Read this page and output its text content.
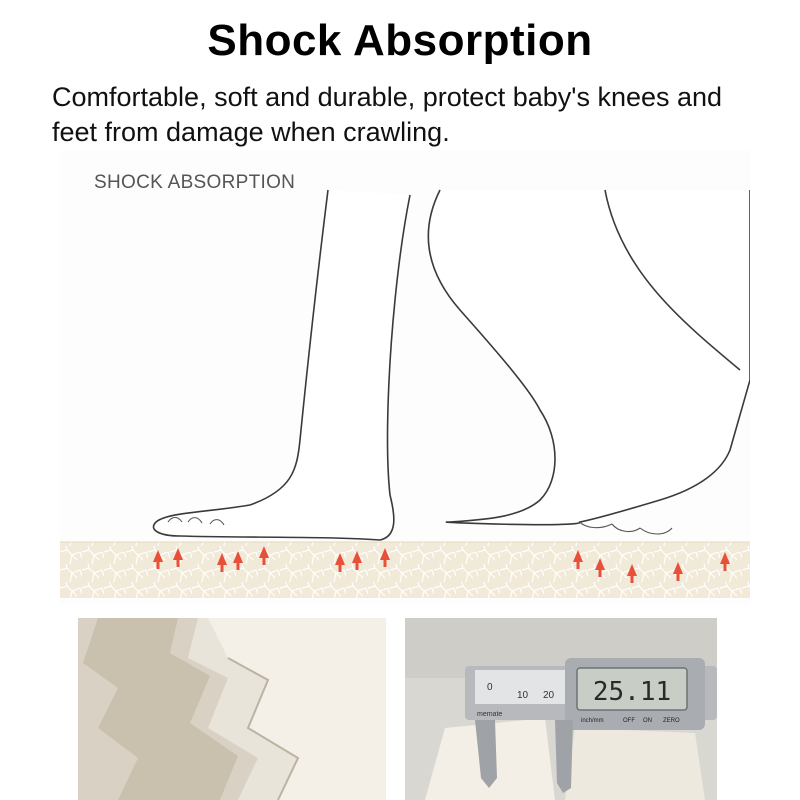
Shock Absorption
Comfortable, soft and durable, protect baby's knees and feet from damage when crawling.
SHOCK ABSORPTION
25.11
0
10 20
memate
inch/mm	OFF ON ZERO
